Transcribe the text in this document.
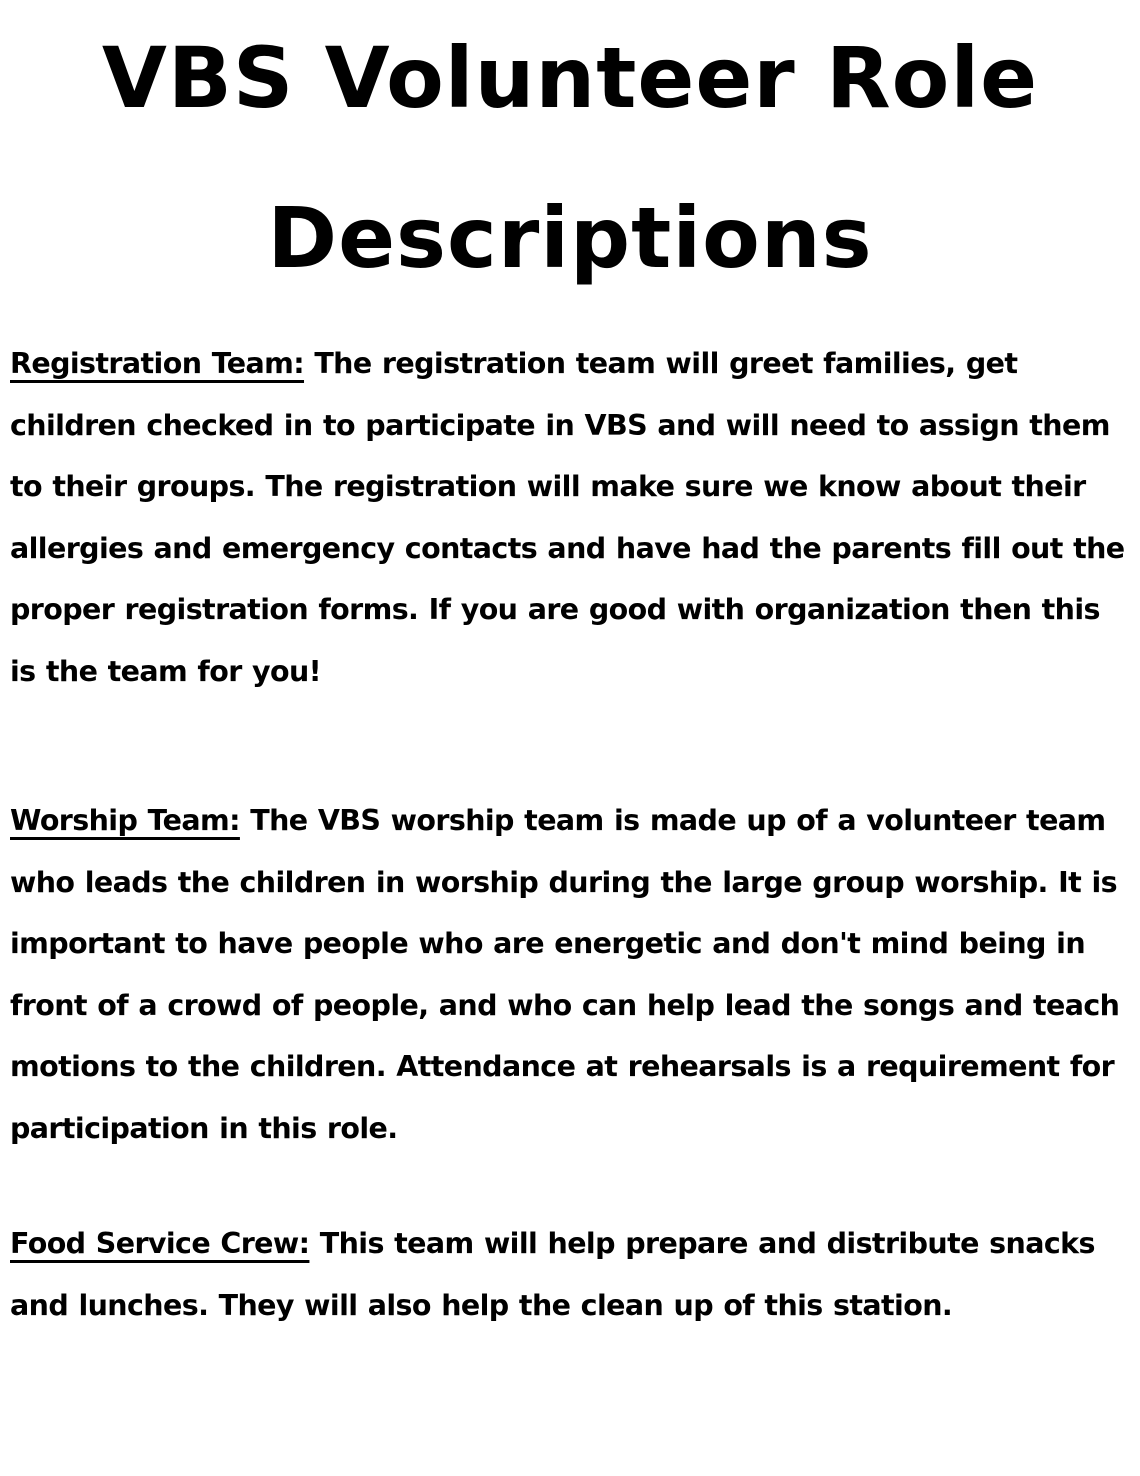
VBS Volunteer Role
Descriptions

Registration Team: The registration team will greet families, get children checked in to participate in VBS and will need to assign them to their groups. The registration will make sure we know about their allergies and emergency contacts and have had the parents fill out the proper registration forms. If you are good with organization then this is the team for you!

Worship Team: The VBS worship team is made up of a volunteer team who leads the children in worship during the large group worship. It is important to have people who are energetic and don't mind being in front of a crowd of people, and who can help lead the songs and teach motions to the children. Attendance at rehearsals is a requirement for participation in this role.

Food Service Crew: This team will help prepare and distribute snacks and lunches. They will also help the clean up of this station.
